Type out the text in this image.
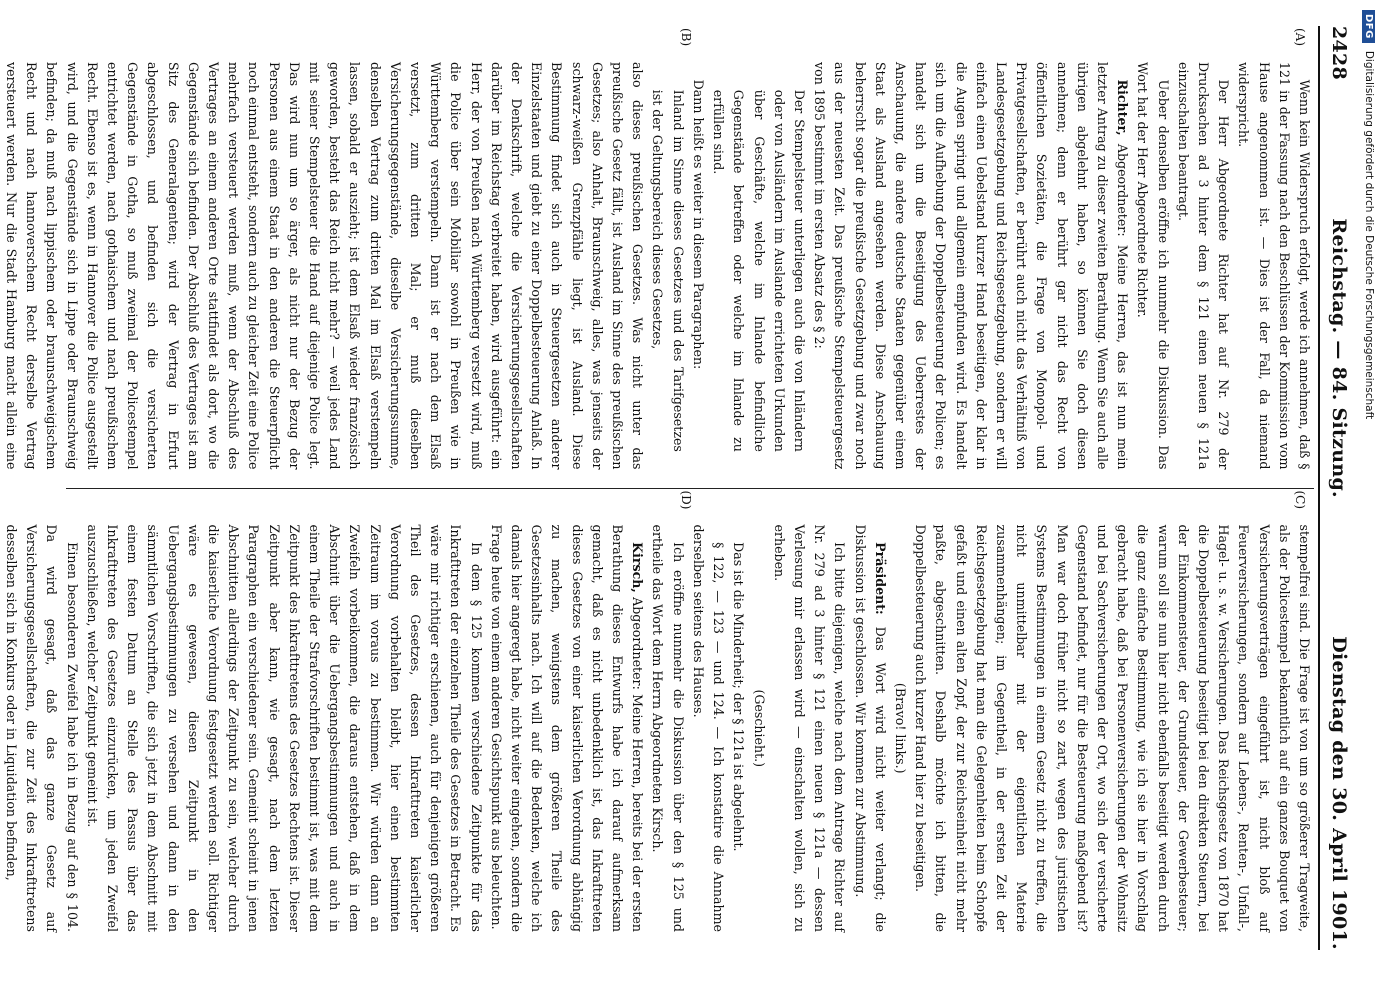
2428
Reichstag. — 84. Sitzung.
Dienstag den 30. April 1901.
(A)
(B)

Wenn kein Widerspruch erfolgt, werde ich annehmen, daß § 121 in der Fassung nach den Beschlüssen der Kommission vom Hause angenommen ist. — Dies ist der Fall, da niemand widerspricht.

Der Herr Abgeordnete Richter hat auf Nr. 279 der Drucksachen ad 3 hinter dem § 121 einen neuen § 121a einzuschalten beantragt.

Ueber denselben eröffne ich nunmehr die Diskussion. Das Wort hat der Herr Abgeordnete Richter.

Richter, Abgeordneter: Meine Herren, das ist nun mein letzter Antrag zu dieser zweiten Berathung. Wenn Sie auch alle übrigen abgelehnt haben, so können Sie doch diesen annehmen; denn er berührt gar nicht das Recht von öffentlichen Sozietäten, die Frage von Monopol- und Privatgesellschaften, er berührt auch nicht das Verhältniß von Landesgesetzgebung und Reichsgesetzgebung, sondern er will einfach einen Uebelstand kurzer Hand beseitigen, der klar in die Augen springt und allgemein empfunden wird. Es handelt sich um die Aufhebung der Doppelbesteuerung der Policen; es handelt sich um die Beseitigung des Ueberrestes der Anschauung, die andere deutsche Staaten gegenüber einem Staat als Ausland angesehen werden. Diese Anschauung beherrscht sogar die preußische Gesetzgebung und zwar noch aus der neuesten Zeit. Das preußische Stempelsteuergesetz von 1895 bestimmt im ersten Absatz des § 2:

Der Stempelsteuer unterliegen auch die von Inländern oder von Ausländern im Auslande errichteten Urkunden über Geschäfte, welche im Inlande befindliche Gegenstände betreffen oder welche im Inlande zu erfüllen sind.

Dann heißt es weiter in diesem Paragraphen:

Inland im Sinne dieses Gesetzes und des Tarifgesetzes ist der Geltungsbereich dieses Gesetzes,

also dieses preußischen Gesetzes. Was nicht unter das preußische Gesetz fällt, ist Ausland im Sinne des preußischen Gesetzes; also Anhalt, Braunschweig, alles, was jenseits der schwarz-weißen Grenzpfähle liegt, ist Ausland. Diese Bestimmung findet sich auch in Steuergesetzen anderer Einzelstaaten und giebt zu einer Doppelbesteuerung Anlaß. In der Denkschrift, welche die Versicherungsgesellschaften darüber im Reichstag verbreitet haben, wird ausgeführt: ein Herr, der von Preußen nach Württemberg versetzt wird, muß die Police über sein Mobiliar sowohl in Preußen wie in Württemberg verstempeln. Dann ist er nach dem Elsaß versetzt, zum dritten Mal; er muß dieselben Versicherungsgegenstände, dieselbe Versicherungssumme, denselben Vertrag zum dritten Mal im Elsaß verstempeln lassen, sobald er auszieht; ist dem Elsaß wieder französisch geworden, besteht das Reich nicht mehr? — weil jedes Land mit seiner Stempelsteuer die Hand auf diejenige Police legt. Das wird nun um so ärger, als nicht nur der Bezug der Personen aus einem Staat in den anderen die Steuerpflicht noch einmal entsteht, sondern auch zu gleicher Zeit eine Police mehrfach versteuert werden muß, wenn der Abschluß des Vertrages an einem anderen Orte stattfindet als dort, wo die Gegenstände sich befinden. Der Abschluß des Vertrages ist am Sitz des Generalagenten; wird der Vertrag in Erfurt abgeschlossen, und befinden sich die versicherten Gegenstände in Gotha, so muß zweimal der Policestempel entrichtet werden, nach gothaischem und nach preußischem Recht. Ebenso ist es, wenn in Hannover die Police ausgestellt wird, und die Gegenstände sich in Lippe oder Braunschweig befinden; da muß nach lippischem oder braunschweigischem Recht und nach hannoverschem Recht derselbe Vertrag versteuert werden. Nur die Stadt Hamburg macht allein eine

(C)
(D)

stempelfrei sind. Die Frage ist von um so größerer Tragweite, als der Policestempel bekanntlich auf ein ganzes Bouquet von Versicherungsverträgen eingeführt ist, nicht bloß auf Feuerversicherungen, sondern auf Lebens-, Renten-, Unfall-, Hagel- u. s. w. Versicherungen. Das Reichsgesetz von 1870 hat die Doppelbesteuerung beseitigt bei den direkten Steuern, bei der Einkommensteuer, der Grundsteuer, der Gewerbesteuer; warum soll sie nun hier nicht ebenfalls beseitigt werden durch die ganz einfache Bestimmung, wie ich sie hier in Vorschlag gebracht habe, daß bei Personenversicherungen der Wohnsitz und bei Sachversicherungen der Ort, wo sich der versicherte Gegenstand befindet, nur für die Besteuerung maßgebend ist? Man war doch früher nicht so zart, wegen des juristischen Systems Bestimmungen in einem Gesetz nicht zu treffen, die nicht unmittelbar mit der eigentlichen Materie zusammenhängen; im Gegentheil, in der ersten Zeit der Reichsgesetzgebung hat man die Gelegenheiten beim Schopfe gefaßt und einen alten Zopf, der zur Reichseinheit nicht mehr paßte, abgeschnitten. Deshalb möchte ich bitten, die Doppelbesteuerung auch kurzer Hand hier zu beseitigen.

(Bravo! links.)

Präsident: Das Wort wird nicht weiter verlangt; die Diskussion ist geschlossen. Wir kommen zur Abstimmung.

Ich bitte diejenigen, welche nach dem Antrage Richter auf Nr. 279 ad 3 hinter § 121 einen neuen § 121a — dessen Verlesung mir erlassen wird — einschalten wollen, sich zu erheben.

(Geschieht.)

Das ist die Minderheit; der § 121a ist abgelehnt.

§ 122, — 123 — und 124. — Ich konstatire die Annahme derselben seitens des Hauses.

Ich eröffne nunmehr die Diskussion über den § 125 und ertheile das Wort dem Herrn Abgeordneten Kirsch.

Kirsch, Abgeordneter: Meine Herren, bereits bei der ersten Berathung dieses Entwurfs habe ich darauf aufmerksam gemacht, daß es nicht unbedenklich ist, das Inkrafttreten dieses Gesetzes von einer kaiserlichen Verordnung abhängig zu machen, wenigstens dem größeren Theile des Gesetzesinhalts nach. Ich will auf die Bedenken, welche ich damals hier angeregt habe, nicht weiter eingehen, sondern die Frage heute von einem anderen Gesichtspunkt aus beleuchten.

In dem § 125 kommen verschiedene Zeitpunkte für das Inkrafttreten der einzelnen Theile des Gesetzes in Betracht. Es wäre mir richtiger erschienen, auch für denjenigen größeren Theil des Gesetzes, dessen Inkrafttreten kaiserlicher Verordnung vorbehalten bleibt, hier einen bestimmten Zeitraum im voraus zu bestimmen. Wir würden dann an Zweifeln vorbeikommen, die daraus entstehen, daß in dem Abschnitt über die Uebergangsbestimmungen und auch in einem Theile der Strafvorschriften bestimmt ist, was mit dem Zeitpunkt des Inkrafttretens des Gesetzes Rechtens ist. Dieser Zeitpunkt aber kann, wie gesagt, nach dem letzten Paragraphen ein verschiedener sein. Gemeint scheint in jenen Abschnitten allerdings der Zeitpunkt zu sein, welcher durch die kaiserliche Verordnung festgesetzt werden soll. Richtiger wäre es gewesen, diesen Zeitpunkt in den Uebergangsbestimmungen zu versehen und dann in den sämmtlichen Vorschriften, die sich jetzt in dem Abschnitt mit einem festen Datum an Stelle des Passus über das Inkrafttreten des Gesetzes einzurücken, um jeden Zweifel auszuschließen, welcher Zeitpunkt gemeint ist.

Einen besonderen Zweifel habe ich in Bezug auf den § 104. Da wird gesagt, daß das ganze Gesetz auf Versicherungsgesellschaften, die zur Zeit des Inkrafttretens desselben sich in Konkurs oder in Liquidation befinden,

DFG
Digitalisierung gefördert durch die Deutsche Forschungsgemeinschaft
